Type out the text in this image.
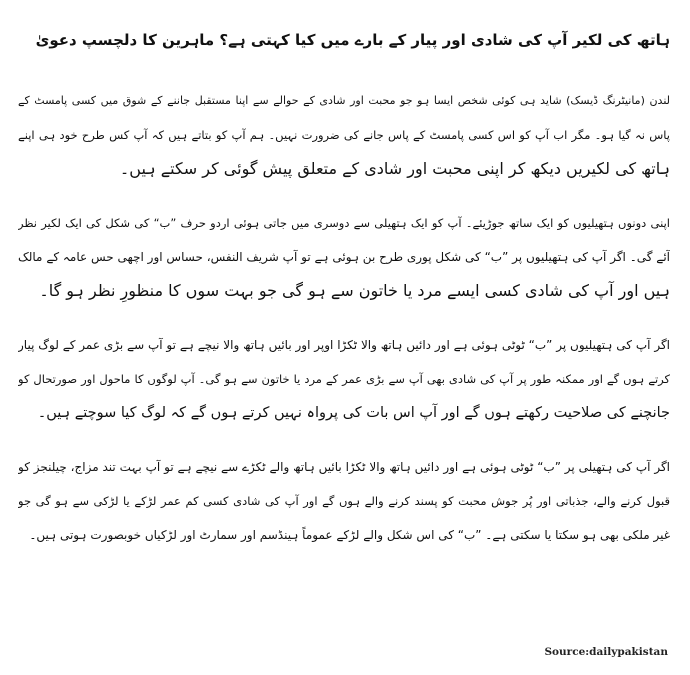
ہاتھ کی لکیر آپ کی شادی اور پیار کے بارے میں کیا کہتی ہے؟ ماہرین کا دلچسپ دعویٰ
لندن (مانیٹرنگ ڈیسک) شاید ہی کوئی شخص ایسا ہو جو محبت اور شادی کے حوالے سے اپنا مستقبل جاننے کے شوق میں کسی پامسٹ کے
پاس نہ گیا ہو۔ مگر اب آپ کو اس کسی پامسٹ کے پاس جانے کی ضرورت نہیں۔ ہم آپ کو بتاتے ہیں کہ آپ کس طرح خود ہی اپنے
ہاتھ کی لکیریں دیکھ کر اپنی محبت اور شادی کے متعلق پیش گوئی کر سکتے ہیں۔
اپنی دونوں ہتھیلیوں کو ایک ساتھ جوڑیئے۔ آپ کو ایک ہتھیلی سے دوسری میں جاتی ہوئی اردو حرف ”ب“ کی شکل کی ایک لکیر نظر
آئے گی۔ اگر آپ کی ہتھیلیوں پر ”ب“ کی شکل پوری طرح بن ہوئی ہے تو آپ شریف النفس، حساس اور اچھی حس عامہ کے مالک
ہیں اور آپ کی شادی کسی ایسے مرد یا خاتون سے ہو گی جو بہت سوں کا منظورِ نظر ہو گا۔
اگر آپ کی ہتھیلیوں پر ”ب“ ٹوٹی ہوئی ہے اور دائیں ہاتھ والا ٹکڑا اوپر اور بائیں ہاتھ والا نیچے ہے تو آپ سے بڑی عمر کے لوگ پیار
کرتے ہوں گے اور ممکنہ طور پر آپ کی شادی بھی آپ سے بڑی عمر کے مرد یا خاتون سے ہو گی۔ آپ لوگوں کا ماحول اور صورتحال کو
جانچنے کی صلاحیت رکھتے ہوں گے اور آپ اس بات کی پرواہ نہیں کرتے ہوں گے کہ لوگ کیا سوچتے ہیں۔
اگر آپ کی ہتھیلی پر ”ب“ ٹوٹی ہوئی ہے اور دائیں ہاتھ والا ٹکڑا بائیں ہاتھ والے ٹکڑے سے نیچے ہے تو آپ بہت تند مزاج، چیلنجز کو
قبول کرنے والے، جذباتی اور پُر جوش محبت کو پسند کرنے والے ہوں گے اور آپ کی شادی کسی کم عمر لڑکے یا لڑکی سے ہو گی جو
غیر ملکی بھی ہو سکتا یا سکتی ہے۔ ”ب“ کی اس شکل والے لڑکے عموماً ہینڈسم اور سمارٹ اور لڑکیاں خوبصورت ہوتی ہیں۔
Source:dailypakistan
